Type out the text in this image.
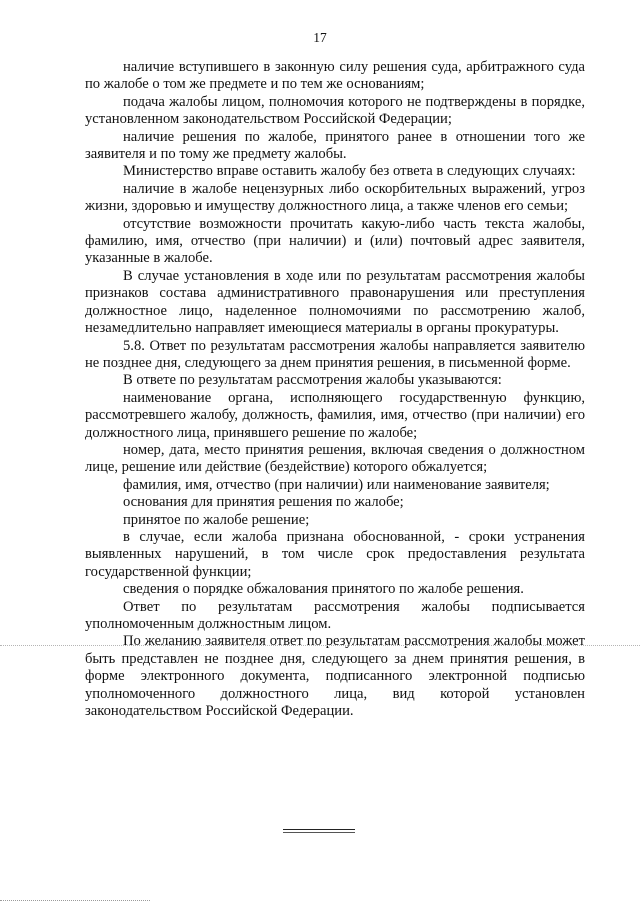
17

наличие вступившего в законную силу решения суда, арбитражного суда по жалобе о том же предмете и по тем же основаниям;

подача жалобы лицом, полномочия которого не подтверждены в порядке, установленном законодательством Российской Федерации;

наличие решения по жалобе, принятого ранее в отношении того же заявителя и по тому же предмету жалобы.

Министерство вправе оставить жалобу без ответа в следующих случаях:

наличие в жалобе нецензурных либо оскорбительных выражений, угроз жизни, здоровью и имуществу должностного лица, а также членов его семьи;

отсутствие возможности прочитать какую-либо часть текста жалобы, фамилию, имя, отчество (при наличии) и (или) почтовый адрес заявителя, указанные в жалобе.

В случае установления в ходе или по результатам рассмотрения жалобы признаков состава административного правонарушения или преступления должностное лицо, наделенное полномочиями по рассмотрению жалоб, незамедлительно направляет имеющиеся материалы в органы прокуратуры.

5.8. Ответ по результатам рассмотрения жалобы направляется заявителю не позднее дня, следующего за днем принятия решения, в письменной форме.

В ответе по результатам рассмотрения жалобы указываются:

наименование органа, исполняющего государственную функцию, рассмотревшего жалобу, должность, фамилия, имя, отчество (при наличии) его должностного лица, принявшего решение по жалобе;

номер, дата, место принятия решения, включая сведения о должностном лице, решение или действие (бездействие) которого обжалуется;

фамилия, имя, отчество (при наличии) или наименование заявителя;

основания для принятия решения по жалобе;

принятое по жалобе решение;

в случае, если жалоба признана обоснованной, - сроки устранения выявленных нарушений, в том числе срок предоставления результата государственной функции;

сведения о порядке обжалования принятого по жалобе решения.

Ответ по результатам рассмотрения жалобы подписывается уполномоченным должностным лицом.

По желанию заявителя ответ по результатам рассмотрения жалобы может быть представлен не позднее дня, следующего за днем принятия решения, в форме электронного документа, подписанного электронной подписью уполномоченного должностного лица, вид которой установлен законодательством Российской Федерации.
